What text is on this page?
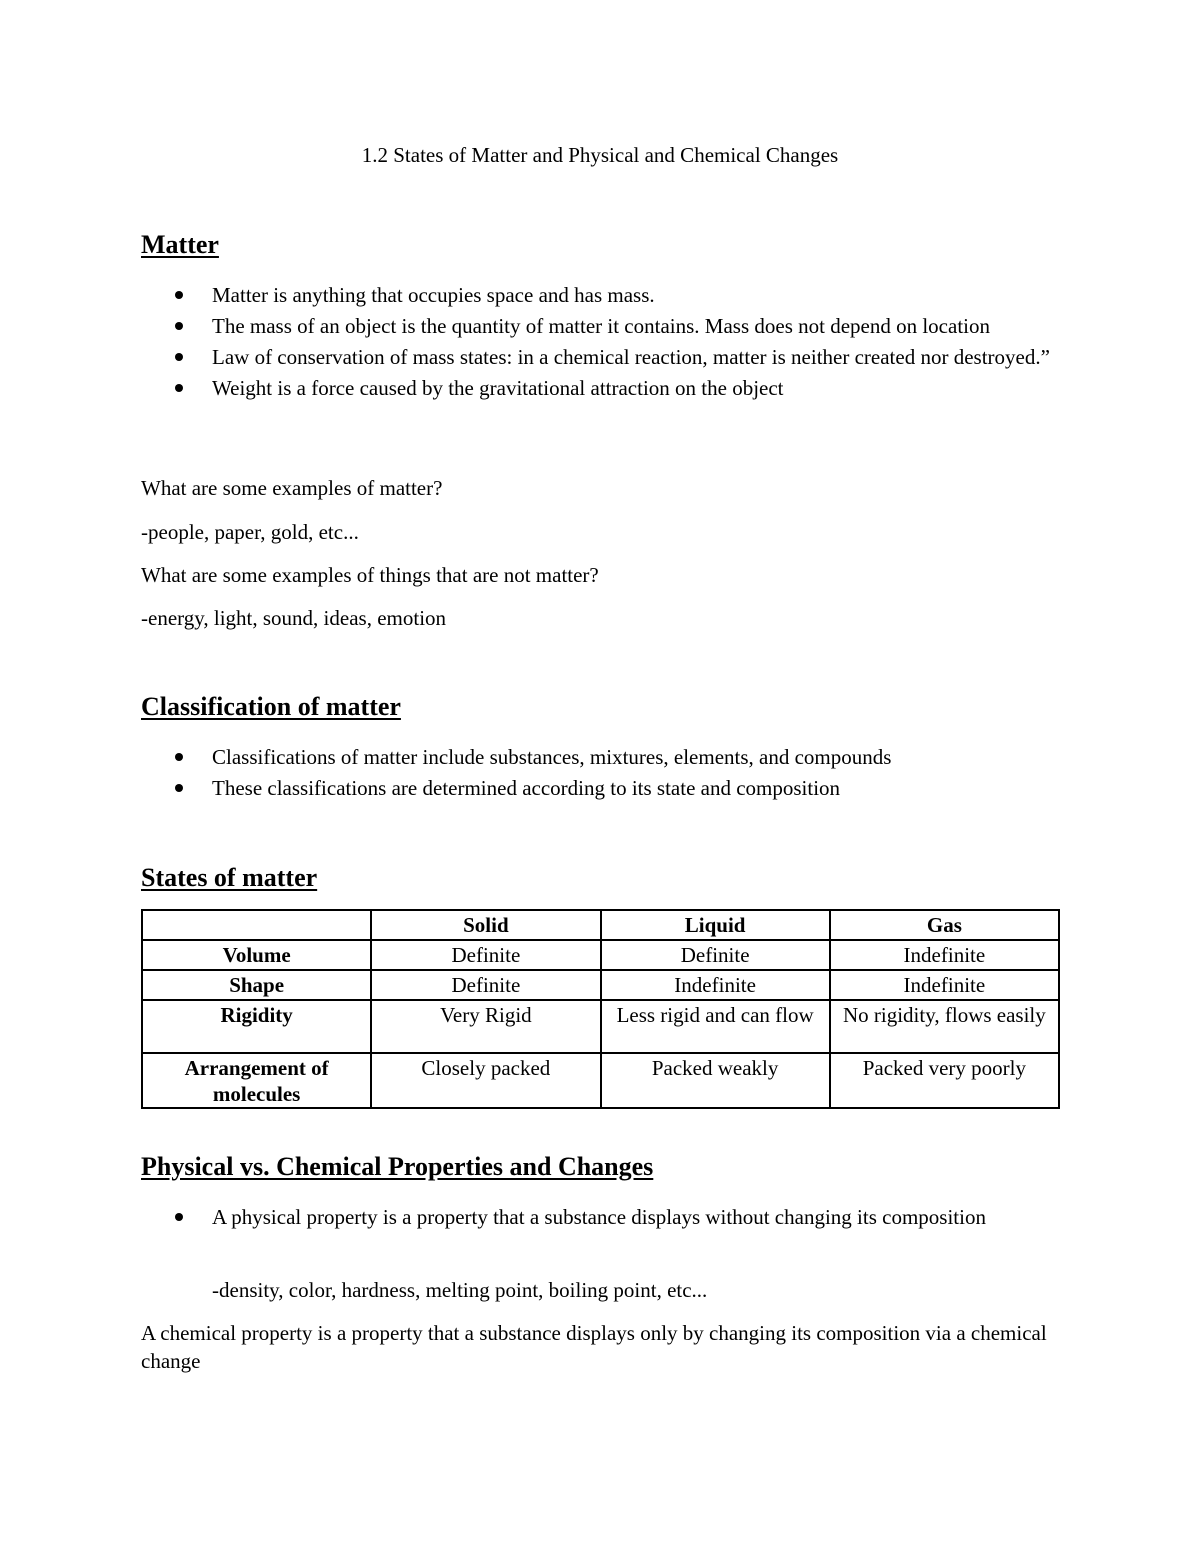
1.2 States of Matter and Physical and Chemical Changes
Matter
Matter is anything that occupies space and has mass.
The mass of an object is the quantity of matter it contains. Mass does not depend on location
Law of conservation of mass states: in a chemical reaction, matter is neither created nor destroyed.”
Weight is a force caused by the gravitational attraction on the object

What are some examples of matter?

-people, paper, gold, etc...

What are some examples of things that are not matter?

-energy, light, sound, ideas, emotion

Classification of matter
Classifications of matter include substances, mixtures, elements, and compounds
These classifications are determined according to its state and composition
States of matter
	Solid	Liquid	Gas
Volume	Definite	Definite	Indefinite
Shape	Definite	Indefinite	Indefinite
Rigidity	Very Rigid	Less rigid and can flow	No rigidity, flows easily
Arrangement of molecules	Closely packed	Packed weakly	Packed very poorly
Physical vs. Chemical Properties and Changes
A physical property is a property that a substance displays without changing its composition

-density, color, hardness, melting point, boiling point, etc...

A chemical property is a property that a substance displays only by changing its composition via a chemical change
